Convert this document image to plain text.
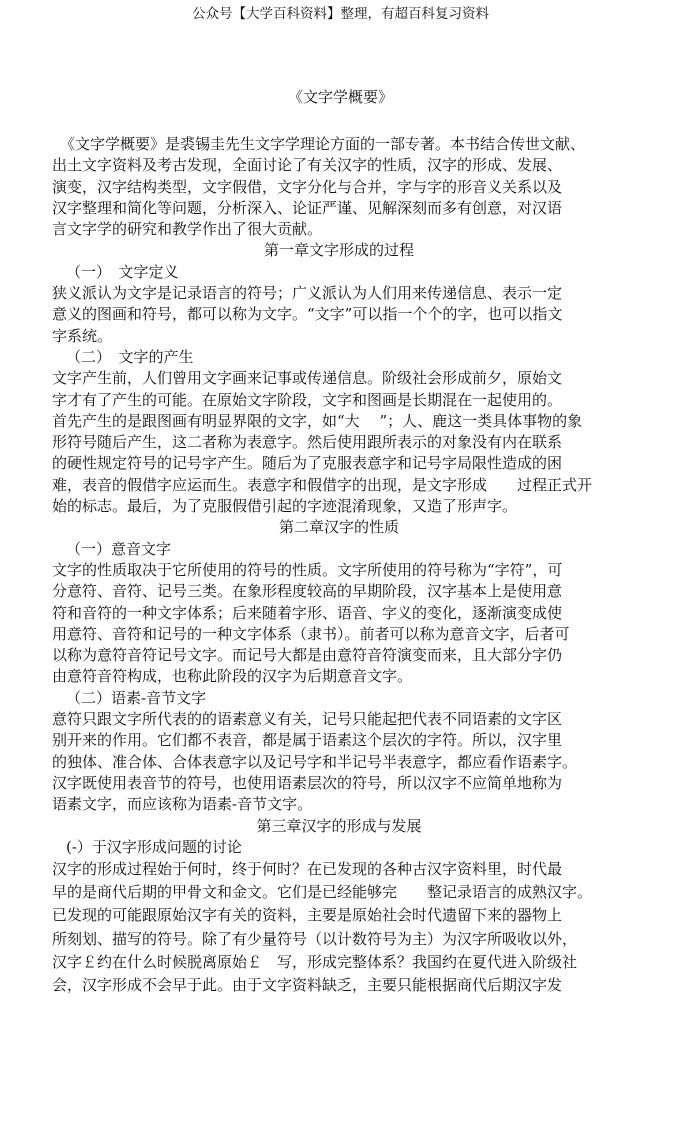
公众号【大学百科资料】整理，有超百科复习资料
《文字学概要》
《文字学概要》是裘锡圭先生文字学理论方面的一部专著。本书结合传世文献、
出土文字资料及考古发现，全面讨论了有关汉字的性质，汉字的形成、发展、
演变，汉字结构类型，文字假借，文字分化与合并，字与字的形音义关系以及
汉字整理和简化等问题，分析深入、论证严谨、见解深刻而多有创意，对汉语
言文字学的研究和教学作出了很大贡献。
第一章文字形成的过程
（一）　文字定义
狭义派认为文字是记录语言的符号；广义派认为人们用来传递信息、表示一定
意义的图画和符号，都可以称为文字。“文字”可以指一个个的字，也可以指文
字系统。
（二）　文字的产生
文字产生前，人们曾用文字画来记事或传递信息。阶级社会形成前夕，原始文
字才有了产生的可能。在原始文字阶段，文字和图画是长期混在一起使用的。
首先产生的是跟图画有明显界限的文字，如“大　 ”；人、鹿这一类具体事物的象
形符号随后产生，这二者称为表意字。然后使用跟所表示的对象没有内在联系
的硬性规定符号的记号字产生。随后为了克服表意字和记号字局限性造成的困
难，表音的假借字应运而生。表意字和假借字的出现，是文字形成　　过程正式开
始的标志。最后，为了克服假借引起的字迹混淆现象，又造了形声字。
第二章汉字的性质
（一）意音文字
文字的性质取决于它所使用的符号的性质。文字所使用的符号称为“字符”，可
分意符、音符、记号三类。在象形程度较高的早期阶段，汉字基本上是使用意
符和音符的一种文字体系；后来随着字形、语音、字义的变化，逐渐演变成使
用意符、音符和记号的一种文字体系（隶书）。前者可以称为意音文字，后者可
以称为意符音符记号文字。而记号大都是由意符音符演变而来，且大部分字仍
由意符音符构成，也称此阶段的汉字为后期意音文字。
（二）语素-音节文字
意符只跟文字所代表的的语素意义有关，记号只能起把代表不同语素的文字区
别开来的作用。它们都不表音，都是属于语素这个层次的字符。所以，汉字里
的独体、准合体、合体表意字以及记号字和半记号半表意字，都应看作语素字。
汉字既使用表音节的符号，也使用语素层次的符号，所以汉字不应简单地称为
语素文字，而应该称为语素-音节文字。
第三章汉字的形成与发展
(-）于汉字形成问题的讨论
汉字的形成过程始于何时，终于何时？在已发现的各种古汉字资料里，时代最
早的是商代后期的甲骨文和金文。它们是已经能够完　　整记录语言的成熟汉字。
已发现的可能跟原始汉字有关的资料，主要是原始社会时代遗留下来的器物上
所刻划、描写的符号。除了有少量符号（以计数符号为主）为汉字所吸收以外，
汉字￡约在什么时候脱离原始￡　写，形成完整体系？我国约在夏代进入阶级社
会，汉字形成不会早于此。由于文字资料缺乏，主要只能根据商代后期汉字发
